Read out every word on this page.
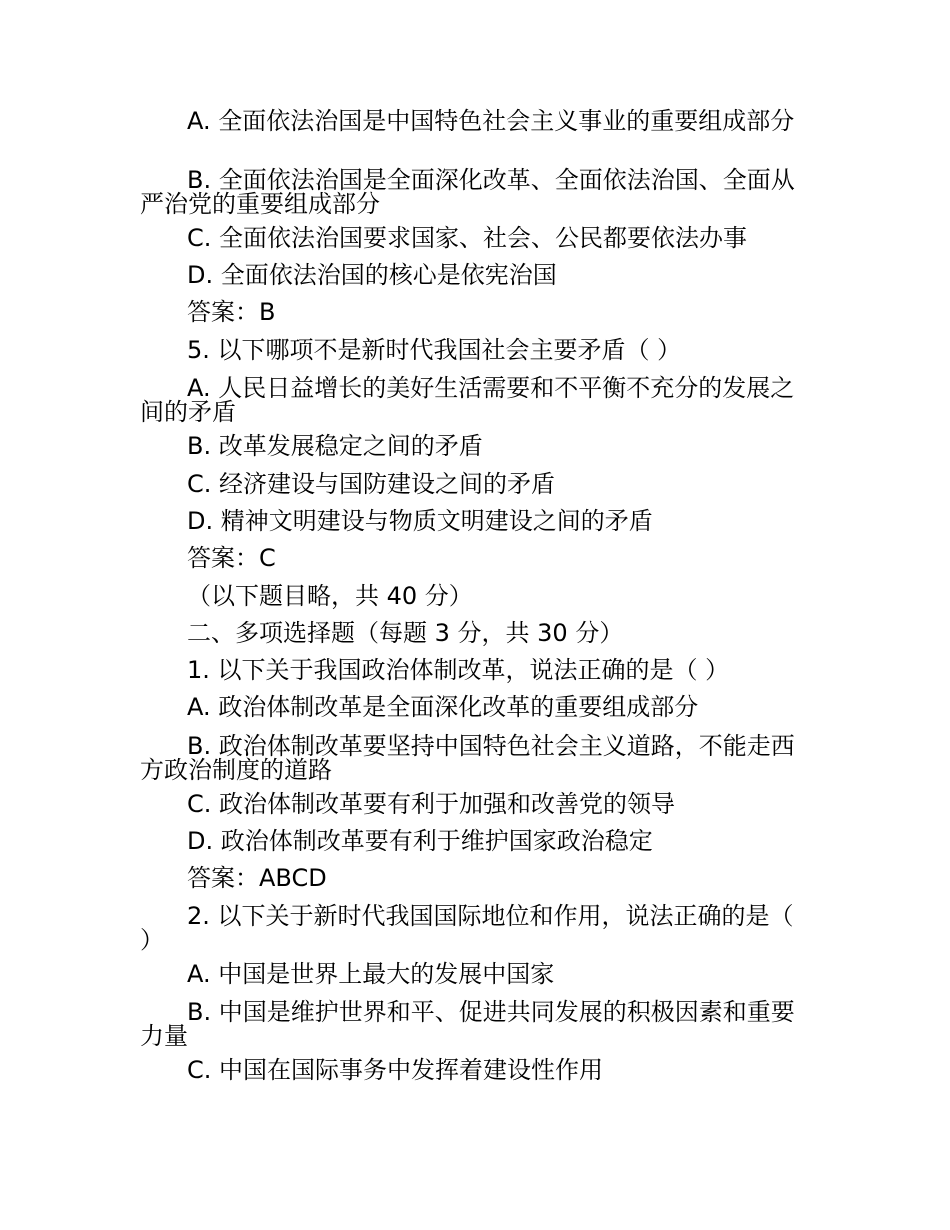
A. 全面依法治国是中国特色社会主义事业的重要组成部分
B. 全面依法治国是全面深化改革、全面依法治国、全面从严治党的重要组成部分
C. 全面依法治国要求国家、社会、公民都要依法办事
D. 全面依法治国的核心是依宪治国
答案：B
5. 以下哪项不是新时代我国社会主要矛盾（ ）
A. 人民日益增长的美好生活需要和不平衡不充分的发展之间的矛盾
B. 改革发展稳定之间的矛盾
C. 经济建设与国防建设之间的矛盾
D. 精神文明建设与物质文明建设之间的矛盾
答案：C
（以下题目略，共 40 分）
二、多项选择题（每题 3 分，共 30 分）
1. 以下关于我国政治体制改革，说法正确的是（ ）
A. 政治体制改革是全面深化改革的重要组成部分
B. 政治体制改革要坚持中国特色社会主义道路，不能走西方政治制度的道路
C. 政治体制改革要有利于加强和改善党的领导
D. 政治体制改革要有利于维护国家政治稳定
答案：ABCD
2. 以下关于新时代我国国际地位和作用，说法正确的是（ ）
A. 中国是世界上最大的发展中国家
B. 中国是维护世界和平、促进共同发展的积极因素和重要力量
C. 中国在国际事务中发挥着建设性作用
